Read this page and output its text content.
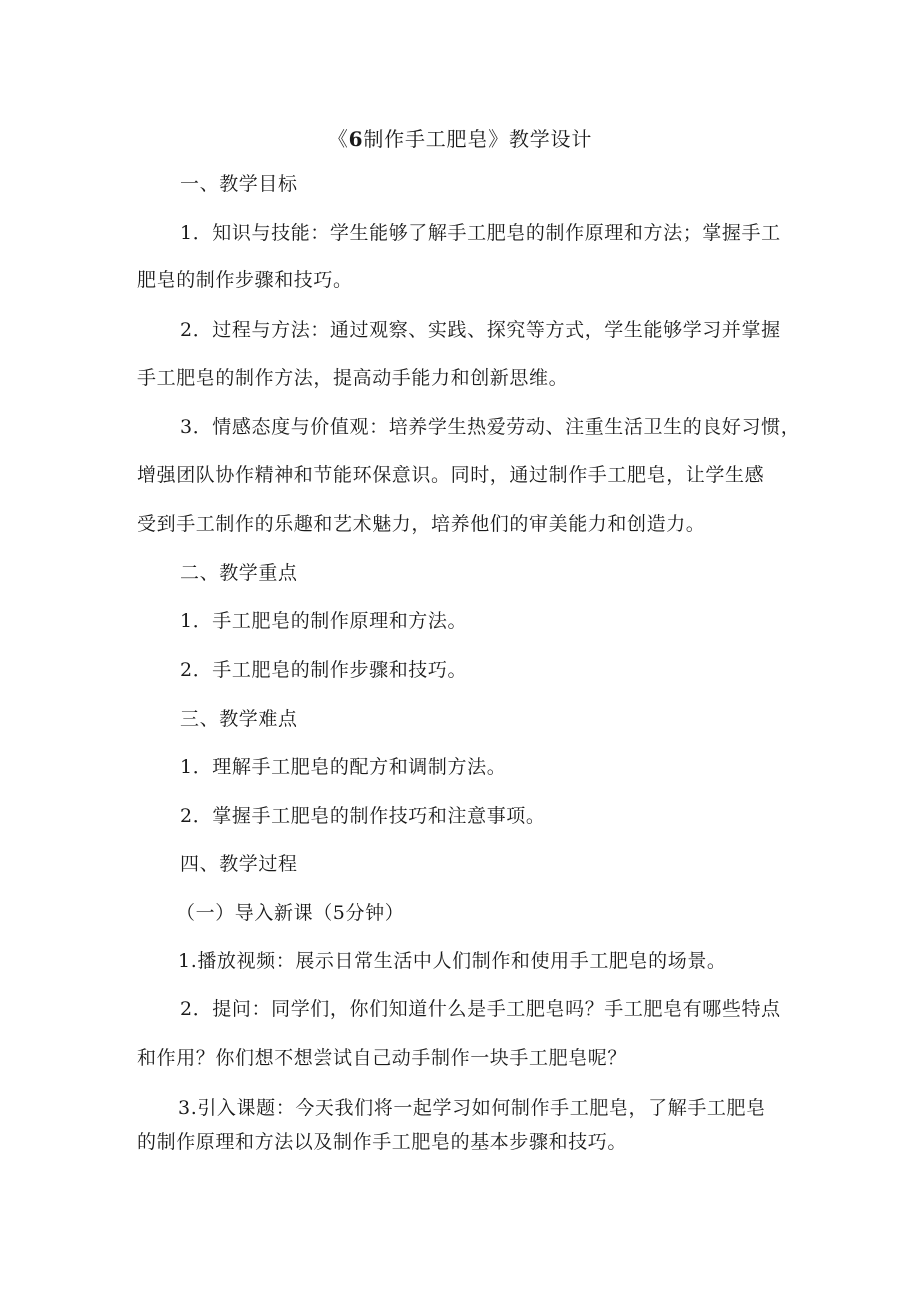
《6制作手工肥皂》教学设计
一、教学目标
1．知识与技能：学生能够了解手工肥皂的制作原理和方法；掌握手工
肥皂的制作步骤和技巧。
2．过程与方法：通过观察、实践、探究等方式，学生能够学习并掌握
手工肥皂的制作方法，提高动手能力和创新思维。
3．情感态度与价值观：培养学生热爱劳动、注重生活卫生的良好习惯，
增强团队协作精神和节能环保意识。同时，通过制作手工肥皂，让学生感
受到手工制作的乐趣和艺术魅力，培养他们的审美能力和创造力。
二、教学重点
1．手工肥皂的制作原理和方法。
2．手工肥皂的制作步骤和技巧。
三、教学难点
1．理解手工肥皂的配方和调制方法。
2．掌握手工肥皂的制作技巧和注意事项。
四、教学过程
（一）导入新课（5分钟）
1.播放视频：展示日常生活中人们制作和使用手工肥皂的场景。
2．提问：同学们，你们知道什么是手工肥皂吗？手工肥皂有哪些特点
和作用？你们想不想尝试自己动手制作一块手工肥皂呢？
3.引入课题：今天我们将一起学习如何制作手工肥皂，了解手工肥皂
的制作原理和方法以及制作手工肥皂的基本步骤和技巧。
